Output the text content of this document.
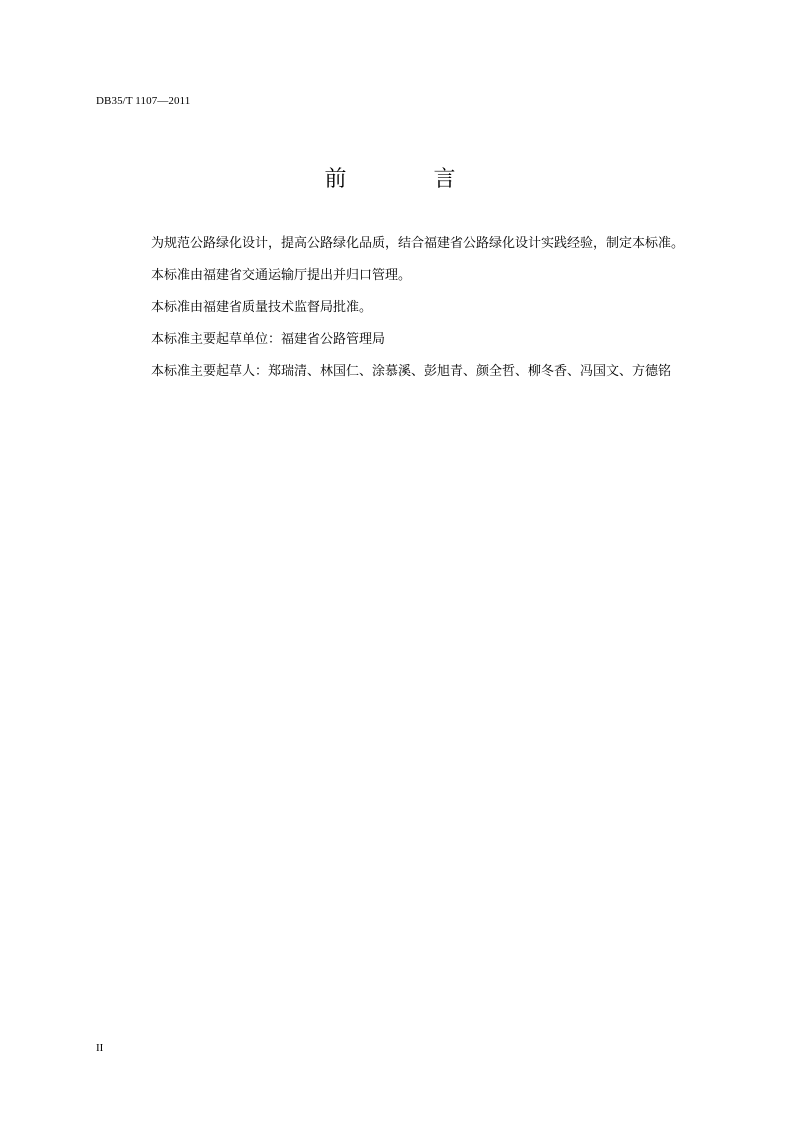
DB35/T 1107—2011
前 言

为规范公路绿化设计，提高公路绿化品质，结合福建省公路绿化设计实践经验，制定本标准。

本标准由福建省交通运输厅提出并归口管理。

本标准由福建省质量技术监督局批准。

本标准主要起草单位：福建省公路管理局

本标准主要起草人：郑瑞清、林国仁、涂慕溪、彭旭青、颜全哲、柳冬香、冯国文、方德铭

II
